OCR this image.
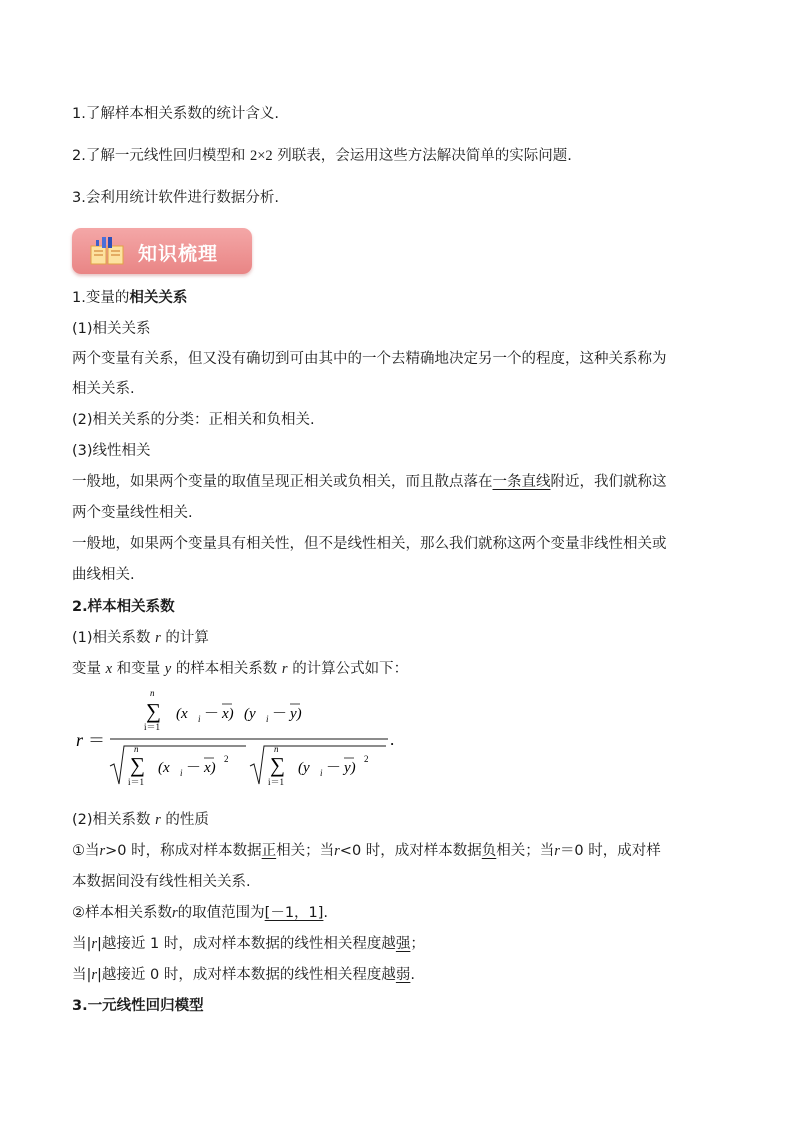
1.了解样本相关系数的统计含义.
2.了解一元线性回归模型和 2×2 列联表，会运用这些方法解决简单的实际问题.
3.会利用统计软件进行数据分析.
知识梳理
1.变量的相关关系
(1)相关关系
两个变量有关系，但又没有确切到可由其中的一个去精确地决定另一个的程度，这种关系称为
相关关系.
(2)相关关系的分类：正相关和负相关.
(3)线性相关
一般地，如果两个变量的取值呈现正相关或负相关，而且散点落在一条直线附近，我们就称这
两个变量线性相关.
一般地，如果两个变量具有相关性，但不是线性相关，那么我们就称这两个变量非线性相关或
曲线相关.
2.样本相关系数
(1)相关系数 r 的计算
变量 x 和变量 y 的样本相关系数 r 的计算公式如下：
r ＝
n
∑
i＝1
(x i － x) (y i － y)
.
n
∑
i＝1
(x i － x)
2
n
∑
i＝1
(y i － y)
2
(2)相关系数 r 的性质
①当r>0 时，称成对样本数据正相关；当r<0 时，成对样本数据负相关；当r＝0 时，成对样
本数据间没有线性相关关系.
②样本相关系数r的取值范围为[－1，1].
当|r|越接近 1 时，成对样本数据的线性相关程度越强；
当|r|越接近 0 时，成对样本数据的线性相关程度越弱.
3.一元线性回归模型
